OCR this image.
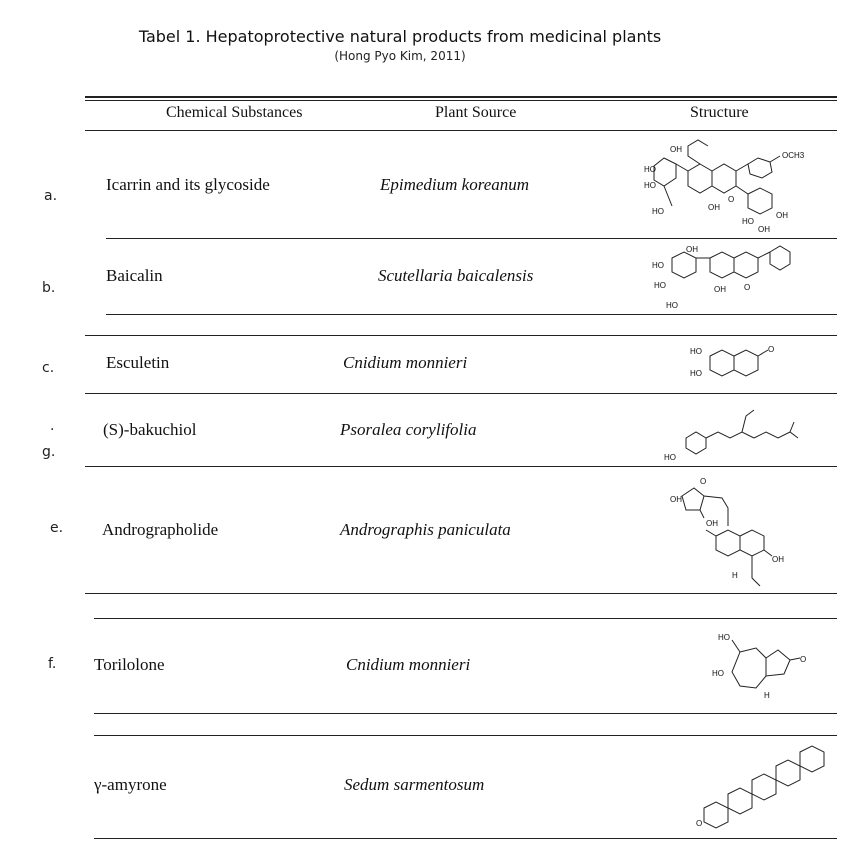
Tabel 1. Hepatoprotective natural products from medicinal plants
(Hong Pyo Kim, 2011)
Chemical Substances	Plant Source	Structure
a.
Icarrin and its glycoside	Epimedium koreanum
OCH3
OH
HO
HO
HO	OH
O
HO
OH
OH
b.
Baicalin	Scutellaria baicalensis
OH
HO
HO
HO
OH O
c.	Esculetin	Cnidium monnieri
HO
HO
O
.
g.
(S)-bakuchiol	Psoralea corylifolia
HO
e. Andrographolide	Andrographis paniculata
O
OH
OH
H
OH
f. Torilolone	Cnidium monnieri
HO
HO
O
H
γ-amyrone	Sedum sarmentosum
O
